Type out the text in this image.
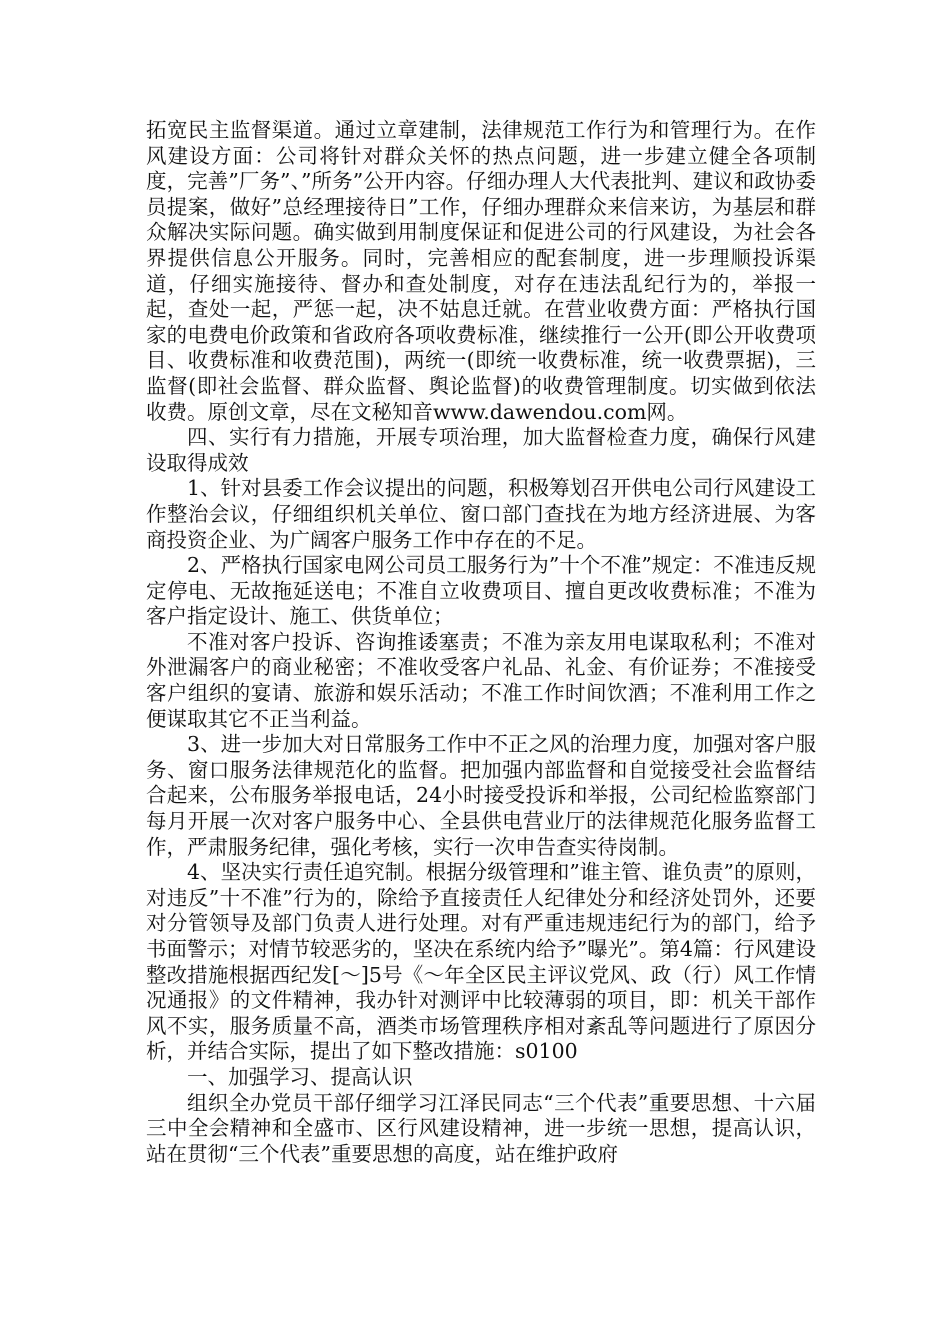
拓宽民主监督渠道。通过立章建制，法律规范工作行为和管理行为。在作风建设方面：公司将针对群众关怀的热点问题，进一步建立健全各项制度，完善”厂务”、”所务”公开内容。仔细办理人大代表批判、建议和政协委员提案，做好”总经理接待日”工作，仔细办理群众来信来访，为基层和群众解决实际问题。确实做到用制度保证和促进公司的行风建设，为社会各界提供信息公开服务。同时，完善相应的配套制度，进一步理顺投诉渠道，仔细实施接待、督办和查处制度，对存在违法乱纪行为的，举报一起，查处一起，严惩一起，决不姑息迁就。在营业收费方面：严格执行国家的电费电价政策和省政府各项收费标准，继续推行一公开(即公开收费项目、收费标准和收费范围)，两统一(即统一收费标准，统一收费票据)，三监督(即社会监督、群众监督、舆论监督)的收费管理制度。切实做到依法收费。原创文章，尽在文秘知音www.dawendou.com网。

四、实行有力措施，开展专项治理，加大监督检查力度，确保行风建设取得成效

1、针对县委工作会议提出的问题，积极筹划召开供电公司行风建设工作整治会议，仔细组织机关单位、窗口部门查找在为地方经济进展、为客商投资企业、为广阔客户服务工作中存在的不足。

2、严格执行国家电网公司员工服务行为”十个不准”规定：不准违反规定停电、无故拖延送电；不准自立收费项目、擅自更改收费标准；不准为客户指定设计、施工、供货单位；

不准对客户投诉、咨询推诿塞责；不准为亲友用电谋取私利；不准对外泄漏客户的商业秘密；不准收受客户礼品、礼金、有价证券；不准接受客户组织的宴请、旅游和娱乐活动；不准工作时间饮酒；不准利用工作之便谋取其它不正当利益。

3、进一步加大对日常服务工作中不正之风的治理力度，加强对客户服务、窗口服务法律规范化的监督。把加强内部监督和自觉接受社会监督结合起来，公布服务举报电话，24小时接受投诉和举报，公司纪检监察部门每月开展一次对客户服务中心、全县供电营业厅的法律规范化服务监督工作，严肃服务纪律，强化考核，实行一次申告查实待岗制。

4、坚决实行责任追究制。根据分级管理和”谁主管、谁负责”的原则，对违反”十不准”行为的，除给予直接责任人纪律处分和经济处罚外，还要对分管领导及部门负责人进行处理。对有严重违规违纪行为的部门，给予书面警示；对情节较恶劣的，坚决在系统内给予”曝光”。第4篇：行风建设整改措施根据西纪发[～]5号《～年全区民主评议党风、政（行）风工作情况通报》的文件精神，我办针对测评中比较薄弱的项目，即：机关干部作风不实，服务质量不高，酒类市场管理秩序相对紊乱等问题进行了原因分析，并结合实际，提出了如下整改措施：s0100

一、加强学习、提高认识

组织全办党员干部仔细学习江泽民同志“三个代表”重要思想、十六届三中全会精神和全盛市、区行风建设精神，进一步统一思想，提高认识，站在贯彻“三个代表”重要思想的高度，站在维护政府
